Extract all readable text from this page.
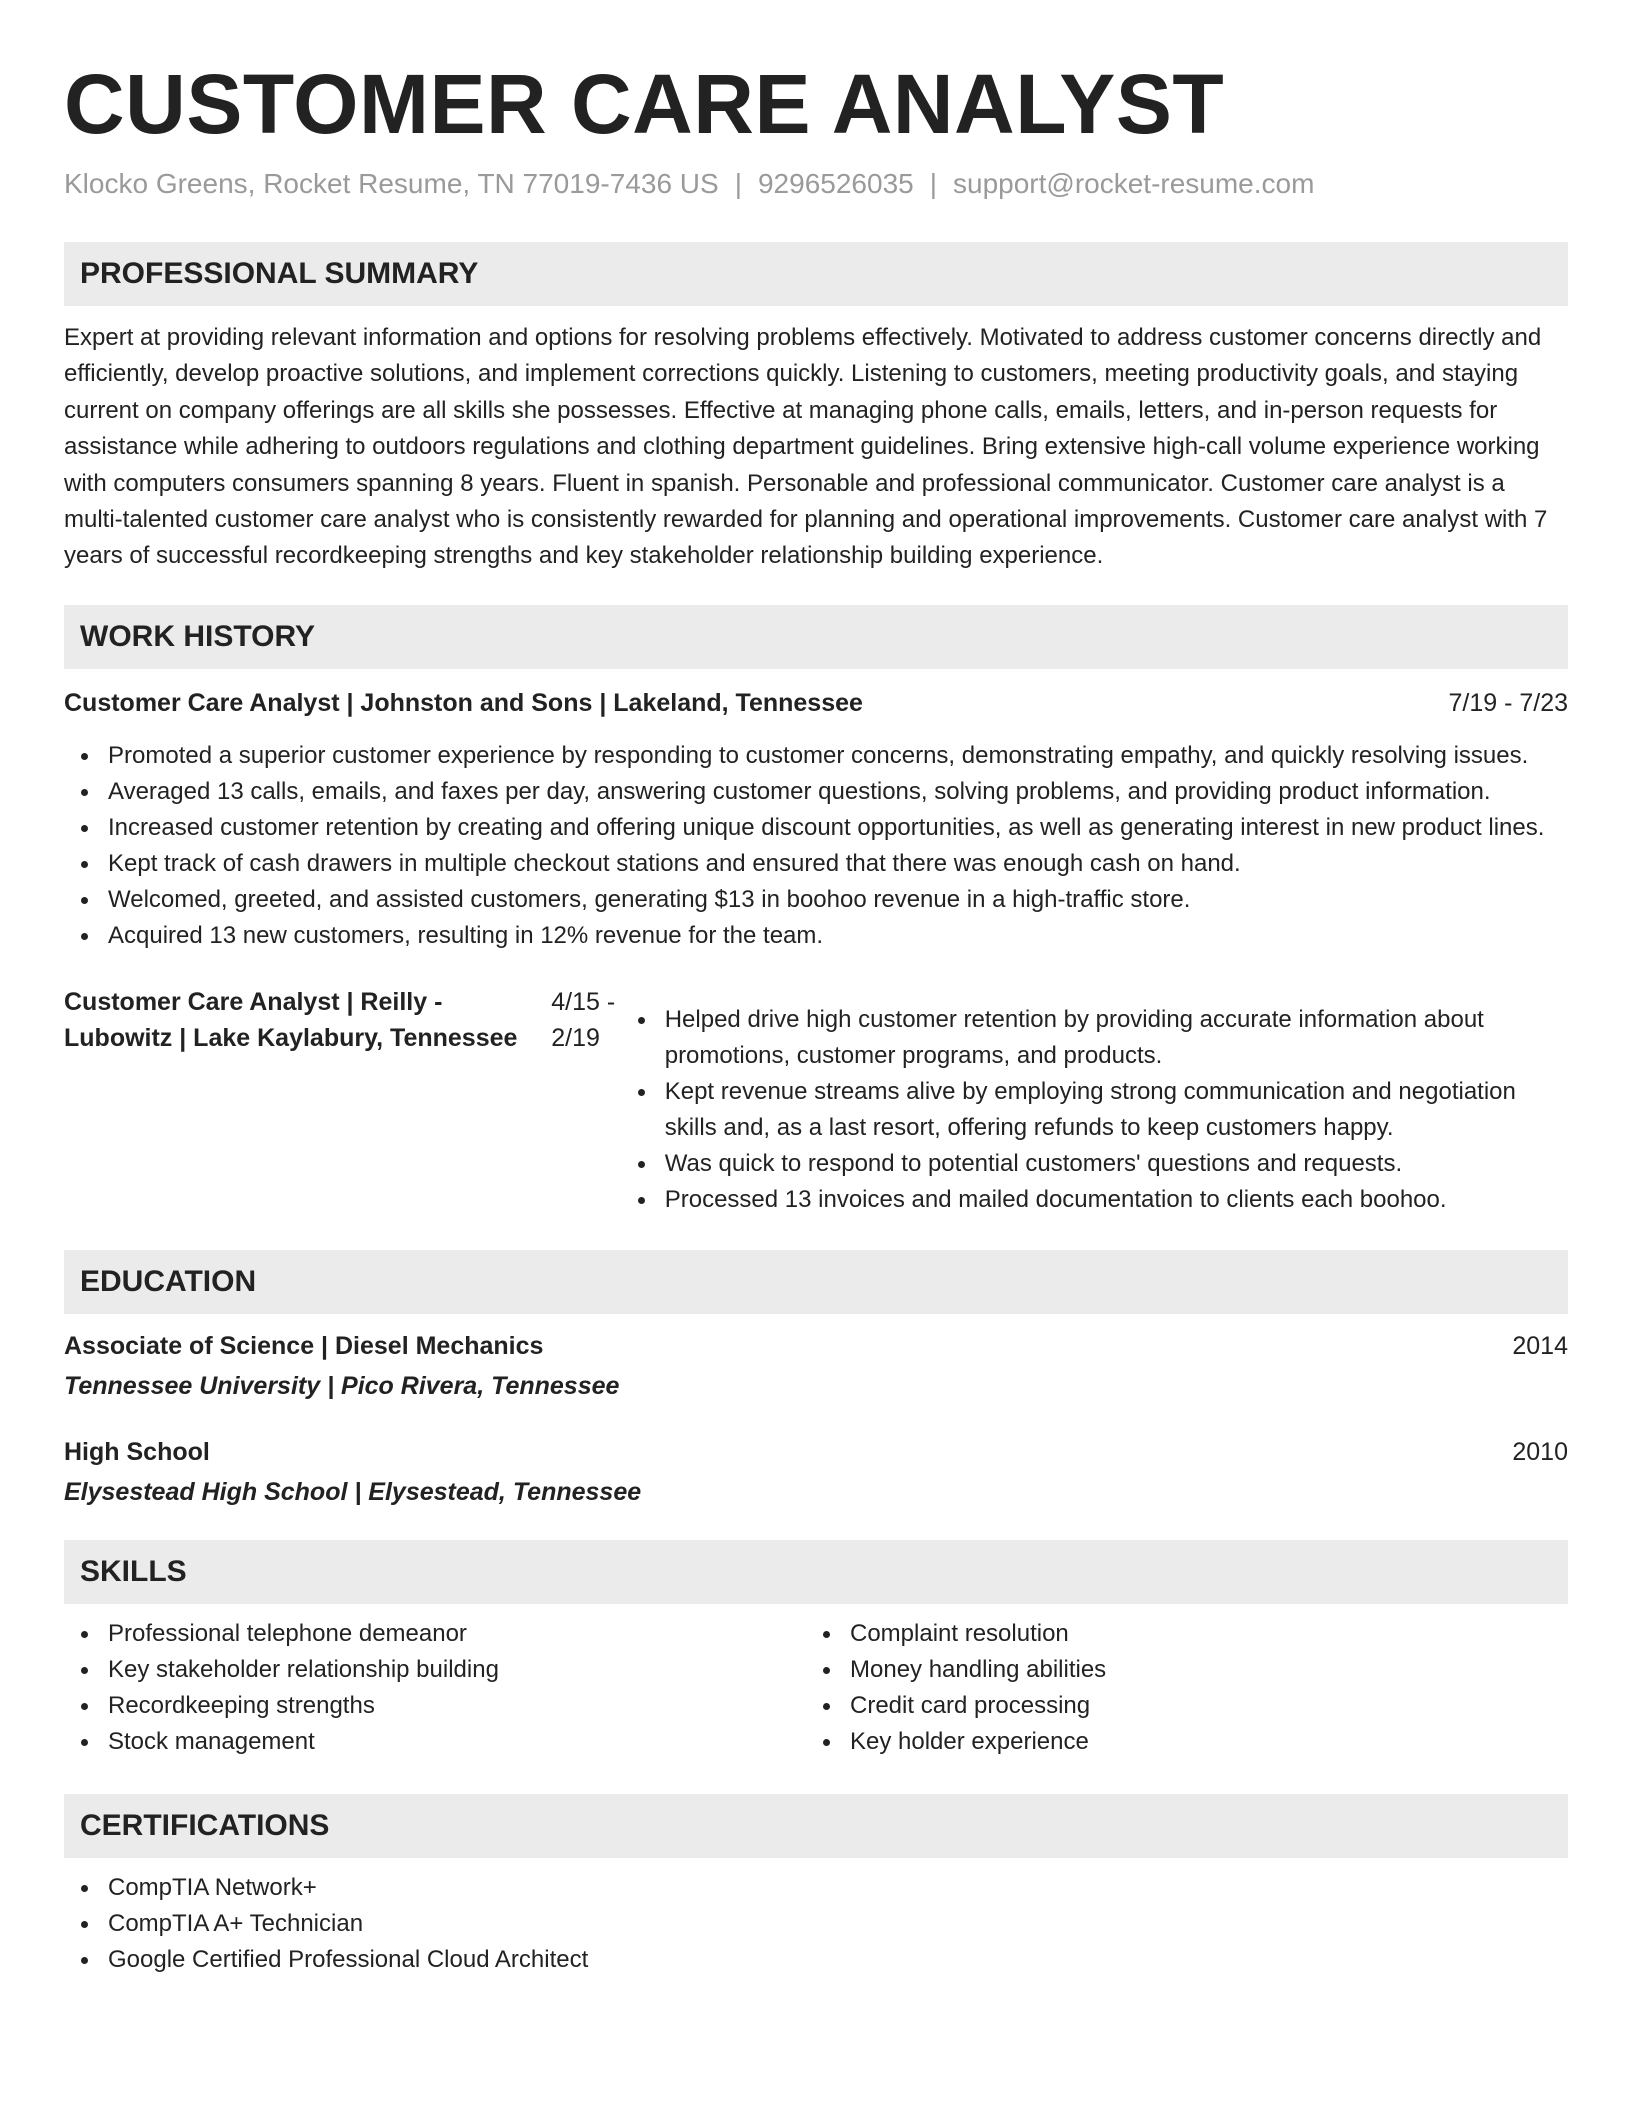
CUSTOMER CARE ANALYST
Klocko Greens, Rocket Resume, TN 77019-7436 US | 9296526035 | support@rocket-resume.com
PROFESSIONAL SUMMARY

Expert at providing relevant information and options for resolving problems effectively. Motivated to address customer concerns directly and efficiently, develop proactive solutions, and implement corrections quickly. Listening to customers, meeting productivity goals, and staying current on company offerings are all skills she possesses. Effective at managing phone calls, emails, letters, and in-person requests for assistance while adhering to outdoors regulations and clothing department guidelines. Bring extensive high-call volume experience working with computers consumers spanning 8 years. Fluent in spanish. Personable and professional communicator. Customer care analyst is a multi-talented customer care analyst who is consistently rewarded for planning and operational improvements. Customer care analyst with 7 years of successful recordkeeping strengths and key stakeholder relationship building experience.

WORK HISTORY
Customer Care Analyst | Johnston and Sons | Lakeland, Tennessee	7/19 - 7/23
Promoted a superior customer experience by responding to customer concerns, demonstrating empathy, and quickly resolving issues.
Averaged 13 calls, emails, and faxes per day, answering customer questions, solving problems, and providing product information.
Increased customer retention by creating and offering unique discount opportunities, as well as generating interest in new product lines.
Kept track of cash drawers in multiple checkout stations and ensured that there was enough cash on hand.
Welcomed, greeted, and assisted customers, generating $13 in boohoo revenue in a high-traffic store.
Acquired 13 new customers, resulting in 12% revenue for the team.
Customer Care Analyst | Reilly - Lubowitz | Lake Kaylabury, Tennessee
4/15 - 2/19
Helped drive high customer retention by providing accurate information about promotions, customer programs, and products.
Kept revenue streams alive by employing strong communication and negotiation skills and, as a last resort, offering refunds to keep customers happy.
Was quick to respond to potential customers' questions and requests.
Processed 13 invoices and mailed documentation to clients each boohoo.
EDUCATION
Associate of Science | Diesel Mechanics	2014
Tennessee University | Pico Rivera, Tennessee
High School	2010
Elysestead High School | Elysestead, Tennessee
SKILLS
Professional telephone demeanor
Key stakeholder relationship building
Recordkeeping strengths
Stock management
Complaint resolution
Money handling abilities
Credit card processing
Key holder experience
CERTIFICATIONS
CompTIA Network+
CompTIA A+ Technician
Google Certified Professional Cloud Architect
